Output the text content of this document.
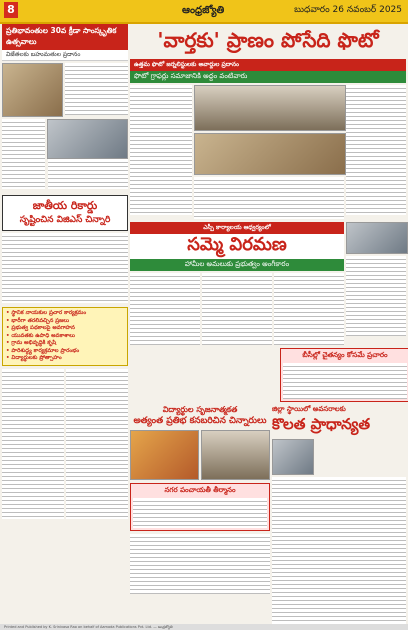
8	ఆంధ్రజ్యోతి	బుధవారం 26 నవంబర్ 2025
ప్రతిభావంతుల 30వ క్రీడా సాంస్కృతిక ఉత్సవాలు
విజేతలకు బహుమతుల ప్రదానం
జాతీయ రికార్డు
సృష్టించిన విజిఎస్ చిన్నారి
• స్థానిక నాయకుల ప్రచార కార్యక్రమం
• భారీగా తరలివచ్చిన ప్రజలు
• ప్రభుత్వ పథకాలపై అవగాహన
• యువతకు ఉపాధి అవకాశాలు
• గ్రామ అభివృద్ధికి కృషి
• పారిశుద్ధ్య కార్యక్రమాల ప్రారంభం
• విద్యార్థులకు ప్రోత్సాహం
'వార్తకు' ప్రాణం పోసేది ఫొటో
ఉత్తమ ఫొటో జర్నలిస్టులకు అవార్డుల ప్రదానం
ఫొటో గ్రాఫర్లు సమాజానికి అద్దం వంటివారు
ఎస్పీ కార్యాలయ ఆధ్వర్యంలో
సమ్మె విరమణ
హామీల అమలుకు ప్రభుత్వం అంగీకారం
బీసీల్లో చైతన్యం కోసమే ప్రచారం
విద్యార్థుల సృజనాత్మకత
అత్యంత ప్రతిభ కనబరిచిన చిన్నారులు
నగర పంచాయతీ తీర్మానం
జిల్లా స్థాయిలో అవసరాలకు
కొలత ప్రాధాన్యత
Printed and Published by K. Srinivasa Rao on behalf of Aamoda Publications Pvt. Ltd. — ఆంధ్రజ్యోతి
